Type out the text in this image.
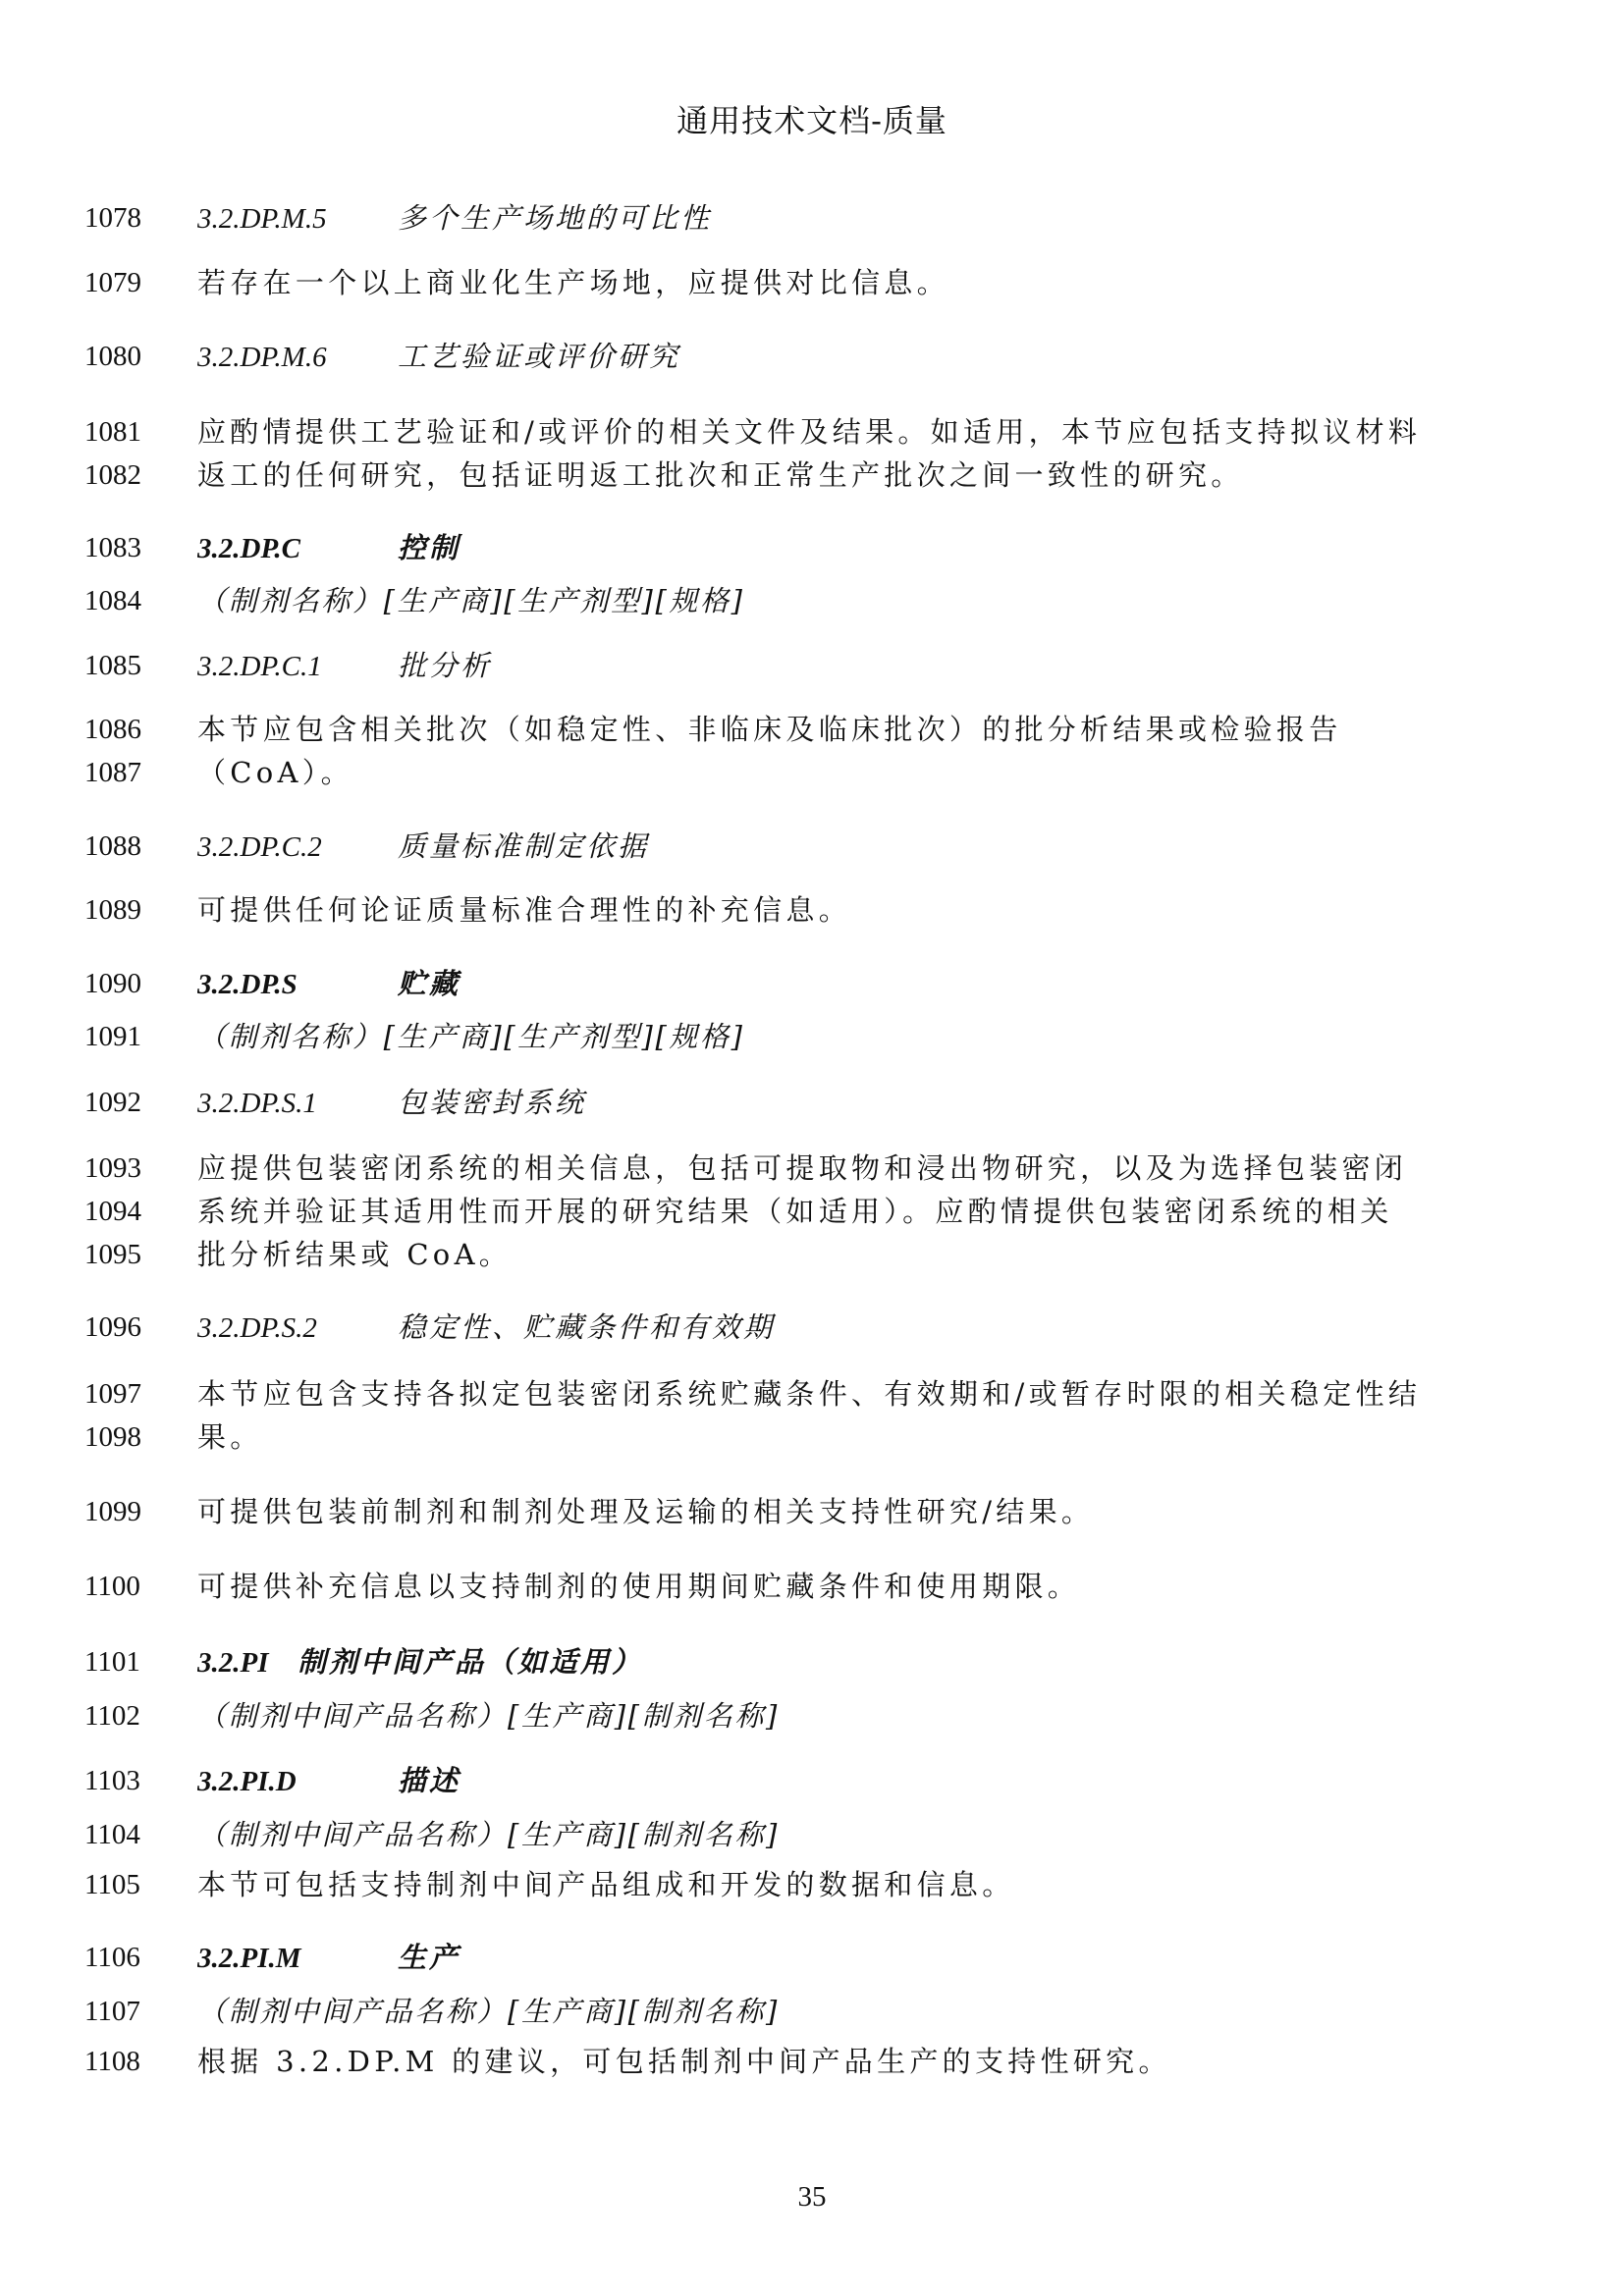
通用技术文档-质量
1078 3.2.DP.M.5 多个生产场地的可比性
1079 若存在一个以上商业化生产场地，应提供对比信息。
1080 3.2.DP.M.6 工艺验证或评价研究
1081 应酌情提供工艺验证和/或评价的相关文件及结果。如适用，本节应包括支持拟议材料
1082 返工的任何研究，包括证明返工批次和正常生产批次之间一致性的研究。
1083 3.2.DP.C	控制
1084 （制剂名称）[生产商][生产剂型][规格]
1085 3.2.DP.C.1	批分析
1086 本节应包含相关批次（如稳定性、非临床及临床批次）的批分析结果或检验报告
1087 （CoA）。
1088 3.2.DP.C.2	质量标准制定依据
1089 可提供任何论证质量标准合理性的补充信息。
1090 3.2.DP.S	贮藏
1091 （制剂名称）[生产商][生产剂型][规格]
1092 3.2.DP.S.1	包装密封系统
1093 应提供包装密闭系统的相关信息，包括可提取物和浸出物研究，以及为选择包装密闭
1094 系统并验证其适用性而开展的研究结果（如适用）。应酌情提供包装密闭系统的相关
1095 批分析结果或 CoA。
1096 3.2.DP.S.2	稳定性、贮藏条件和有效期
1097 本节应包含支持各拟定包装密闭系统贮藏条件、有效期和/或暂存时限的相关稳定性结
1098 果。
1099 可提供包装前制剂和制剂处理及运输的相关支持性研究/结果。
1100 可提供补充信息以支持制剂的使用期间贮藏条件和使用期限。
1101 3.2.PI 制剂中间产品（如适用）
1102 （制剂中间产品名称）[生产商][制剂名称]
1103 3.2.PI.D	描述
1104 （制剂中间产品名称）[生产商][制剂名称]
1105 本节可包括支持制剂中间产品组成和开发的数据和信息。
1106 3.2.PI.M	生产
1107 （制剂中间产品名称）[生产商][制剂名称]
1108 根据 3.2.DP.M 的建议，可包括制剂中间产品生产的支持性研究。
35
